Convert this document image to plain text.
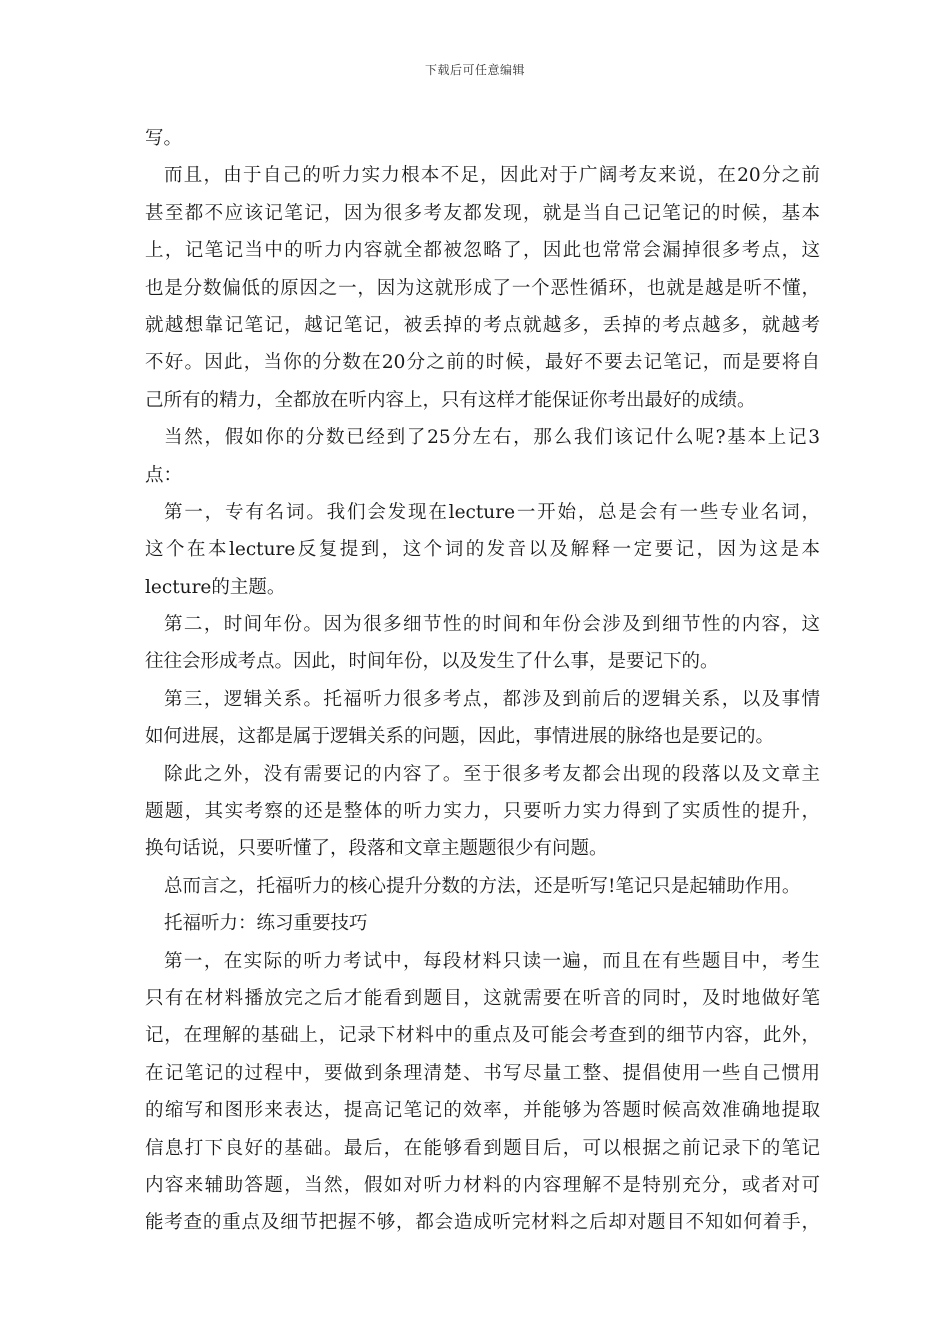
下载后可任意编辑
写。
而且，由于自己的听力实力根本不足，因此对于广阔考友来说，在20分之前
甚至都不应该记笔记，因为很多考友都发现，就是当自己记笔记的时候，基本
上，记笔记当中的听力内容就全都被忽略了，因此也常常会漏掉很多考点，这
也是分数偏低的原因之一，因为这就形成了一个恶性循环，也就是越是听不懂，
就越想靠记笔记，越记笔记，被丢掉的考点就越多，丢掉的考点越多，就越考
不好。因此，当你的分数在20分之前的时候，最好不要去记笔记，而是要将自
己所有的精力，全都放在听内容上，只有这样才能保证你考出最好的成绩。
当然，假如你的分数已经到了25分左右，那么我们该记什么呢?基本上记3
点：
第一，专有名词。我们会发现在lecture一开始，总是会有一些专业名词，
这个在本lecture反复提到，这个词的发音以及解释一定要记，因为这是本
lecture的主题。
第二，时间年份。因为很多细节性的时间和年份会涉及到细节性的内容，这
往往会形成考点。因此，时间年份，以及发生了什么事，是要记下的。
第三，逻辑关系。托福听力很多考点，都涉及到前后的逻辑关系，以及事情
如何进展，这都是属于逻辑关系的问题，因此，事情进展的脉络也是要记的。
除此之外，没有需要记的内容了。至于很多考友都会出现的段落以及文章主
题题，其实考察的还是整体的听力实力，只要听力实力得到了实质性的提升，
换句话说，只要听懂了，段落和文章主题题很少有问题。
总而言之，托福听力的核心提升分数的方法，还是听写!笔记只是起辅助作用。
托福听力：练习重要技巧
第一，在实际的听力考试中，每段材料只读一遍，而且在有些题目中，考生
只有在材料播放完之后才能看到题目，这就需要在听音的同时，及时地做好笔
记，在理解的基础上，记录下材料中的重点及可能会考查到的细节内容，此外，
在记笔记的过程中，要做到条理清楚、书写尽量工整、提倡使用一些自己惯用
的缩写和图形来表达，提高记笔记的效率，并能够为答题时候高效准确地提取
信息打下良好的基础。最后，在能够看到题目后，可以根据之前记录下的笔记
内容来辅助答题，当然，假如对听力材料的内容理解不是特别充分，或者对可
能考查的重点及细节把握不够，都会造成听完材料之后却对题目不知如何着手，
